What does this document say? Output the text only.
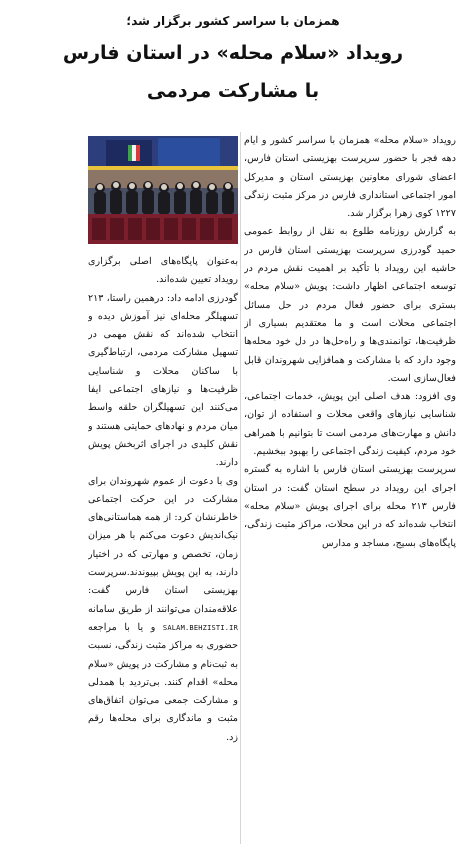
همزمان با سراسر کشور برگزار شد؛
رویداد «سلام محله» در استان فارس
با مشارکت مردمی

رویداد «سلام محله» همزمان با سراسر کشور و ایام دهه فجر با حضور سرپرست بهزیستی استان فارس، اعضای شورای معاونین بهزیستی استان و مدیرکل امور اجتماعی استانداری فارس در مرکز مثبت زندگی ۱۲۲۷ کوی زهرا برگزار شد.

به گزارش روزنامه طلوع به نقل از روابط عمومی حمید گودرزی سرپرست بهزیستی استان فارس در حاشیه این رویداد با تأکید بر اهمیت نقش مردم در توسعه اجتماعی اظهار داشت: پویش «سلام محله» بستری برای حضور فعال مردم در حل مسائل اجتماعی محلات است و ما معتقدیم بسیاری از ظرفیت‌ها، توانمندی‌ها و راه‌حل‌ها در دل خود محله‌ها وجود دارد که با مشارکت و همافزایی شهروندان قابل فعال‌سازی است.

وی افزود: هدف اصلی این پویش، خدمات اجتماعی، شناسایی نیازهای واقعی محلات و استفاده از توان، دانش و مهارت‌های مردمی است تا بتوانیم با همراهی خود مردم، کیفیت زندگی اجتماعی را بهبود ببخشیم.

سرپرست بهزیستی استان فارس با اشاره به گستره اجرای این رویداد در سطح استان گفت: در استان فارس ۲۱۳ محله برای اجرای پویش «سلام محله» انتخاب شده‌اند که در این محلات، مراکز مثبت زندگی، پایگاه‌های بسیج، مساجد و مدارس

به‌عنوان پایگاه‌های اصلی برگزاری رویداد تعیین شده‌اند.

گودرزی ادامه داد: درهمین راستا، ۲۱۳ تسهیلگر محله‌ای نیز آموزش دیده و انتخاب شده‌اند که نقش مهمی در تسهیل مشارکت مردمی، ارتباط‌گیری با ساکنان محلات و شناسایی ظرفیت‌ها و نیازهای اجتماعی ایفا می‌کنند این تسهیلگران حلقه واسط میان مردم و نهادهای حمایتی هستند و نقش کلیدی در اجرای اثربخش پویش دارند.

وی با دعوت از عموم شهروندان برای مشارکت در این حرکت اجتماعی خاطرنشان کرد: از همه هماستانی‌های نیک‌اندیش دعوت می‌کنم با هر میزان زمان، تخصص و مهارتی که در اختیار دارند، به این پویش بپیوندند.سرپرست بهزیستی استان فارس گفت: علاقه‌مندان می‌توانند از طریق سامانه SALAM.BEHZISTI.IR و یا با مراجعه حضوری به مراکز مثبت زندگی، نسبت به ثبت‌نام و مشارکت در پویش «سلام محله» اقدام کنند. بی‌تردید با همدلی و مشارکت جمعی می‌توان اتفاق‌های مثبت و ماندگاری برای محله‌ها رقم زد.
